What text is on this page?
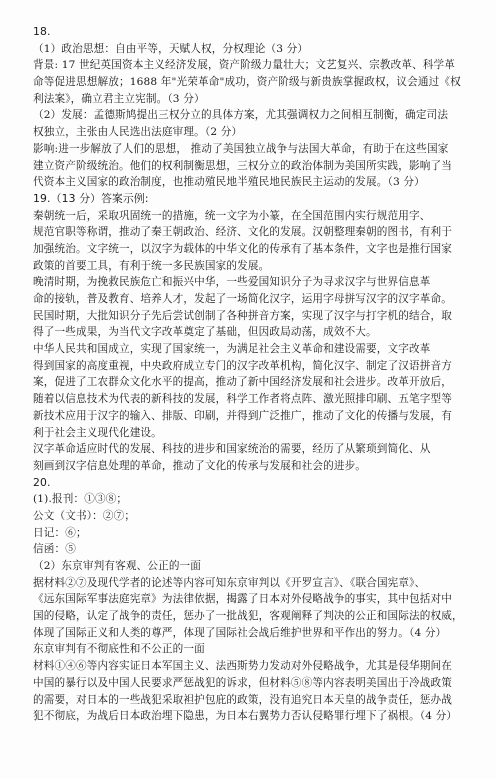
18.
（1）政治思想：自由平等，天赋人权，分权理论（3 分）
背景: 17 世纪英国资本主义经济发展，资产阶级力量壮大；文艺复兴、宗教改革、科学革
命等促进思想解放；1688 年"光荣革命"成功，资产阶级与新贵族掌握政权，议会通过《权
利法案》，确立君主立宪制。（3 分）
（2）发展：孟德斯鸠提出三权分立的具体方案，尤其强调权力之间相互制衡，确定司法
权独立，主张由人民选出法庭审理。（2 分）
影响:进一步解放了人们的思想， 推动了美国独立战争与法国大革命，有助于在这些国家
建立资产阶级统治。他们的权利制衡思想，三权分立的政治体制为美国所实践，影响了当
代资本主义国家的政治制度，也推动殖民地半殖民地民族民主运动的发展。（3 分）
19.（13 分）答案示例:
秦朝统一后，采取巩固统一的措施，统一文字为小篆，在全国范围内实行规范用字、
规范官职等称谓，推动了秦王朝政治、经济、文化的发展。汉朝整理秦朝的图书，有利于
加强统治。文字统一，以汉字为载体的中华文化的传承有了基本条件，文字也是推行国家
政策的首要工具，有利于统一多民族国家的发展。
晚清时期，为挽救民族危亡和振兴中华，一些爱国知识分子为寻求汉字与世界信息革
命的接轨，普及教育、培养人才，发起了一场简化汉字，运用字母拼写汉字的汉字革命。
民国时期，大批知识分子先后尝试创制了各种拼音方案，实现了汉字与打字机的结合，取
得了一些成果，为当代文字改革奠定了基础，但因政局动荡，成效不大。
中华人民共和国成立，实现了国家统一，为满足社会主义革命和建设需要，文字改革
得到国家的高度重视，中央政府成立专门的汉字改革机构，简化汉字、制定了汉语拼音方
案，促进了工农群众文化水平的提高，推动了新中国经济发展和社会进步。改革开放后，
随着以信息技术为代表的新科技的发展，科学工作者将点阵、激光照排印刷、五笔字型等
新技术应用于汉字的输入、排版、印刷，并得到广泛推广，推动了文化的传播与发展，有
利于社会主义现代化建设。
汉字革命适应时代的发展、科技的进步和国家统治的需要，经历了从繁琐到简化、从
刻画到汉字信息处理的革命，推动了文化的传承与发展和社会的进步。
20.
(1).报刊：①③⑧；
公文（文书）：②⑦；
日记：⑥；
信函：⑤
（2）东京审判有客观、公正的一面
据材料②⑦及现代学者的论述等内容可知东京审判以《开罗宣言》、《联合国宪章》、
《远东国际军事法庭宪章》为法律依据，揭露了日本对外侵略战争的事实，其中包括对中
国的侵略，认定了战争的责任，惩办了一批战犯，客观阐释了判决的公正和国际法的权威，
体现了国际正义和人类的尊严，体现了国际社会战后维护世界和平作出的努力。（4 分）
东京审判有不彻底性和不公正的一面
材料①④⑥等内容实证日本军国主义、法西斯势力发动对外侵略战争，尤其是侵华期间在
中国的暴行以及中国人民要求严惩战犯的诉求，但材料⑤⑧等内容表明美国出于冷战政策
的需要，对日本的一些战犯采取袒护包庇的政策，没有追究日本天皇的战争责任，惩办战
犯不彻底，为战后日本政治埋下隐患，为日本右翼势力否认侵略罪行埋下了祸根。（4 分）
